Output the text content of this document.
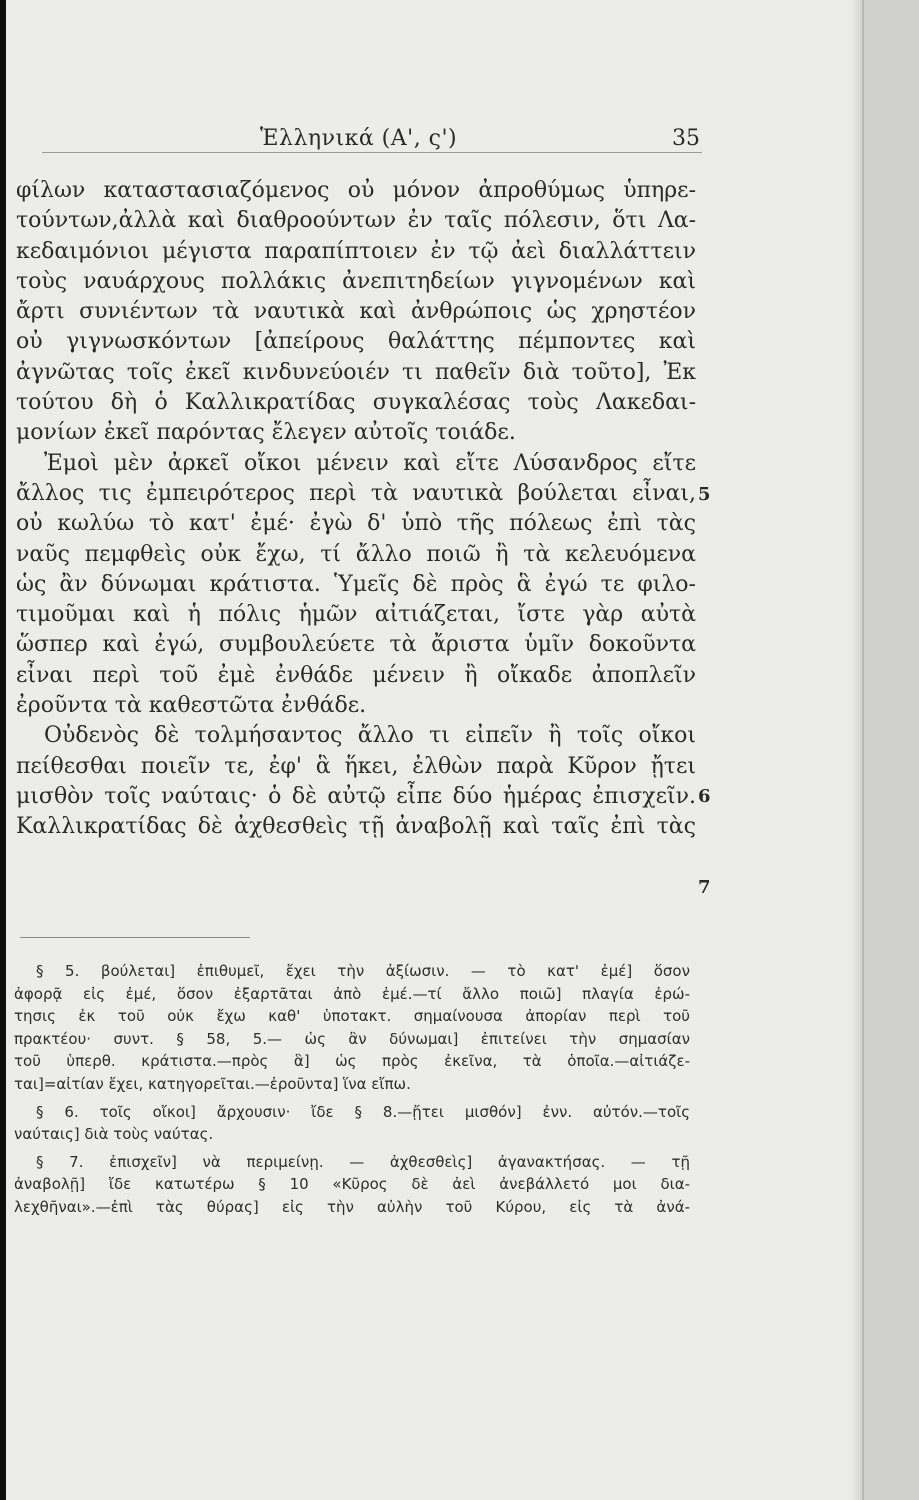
Ἑλληνικά (Α', ς')	35
φίλων καταστασιαζόμενος οὐ μόνον ἀπροθύμως ὑπηρε-
τούντων,ἀλλὰ καὶ διαθροούντων ἐν ταῖς πόλεσιν, ὅτι Λα-
κεδαιμόνιοι μέγιστα παραπίπτοιεν ἐν τῷ ἀεὶ διαλλάττειν
τοὺς ναυάρχους πολλάκις ἀνεπιτηδείων γιγνομένων καὶ
ἄρτι συνιέντων τὰ ναυτικὰ καὶ ἀνθρώποις ὡς χρηστέον
οὐ γιγνωσκόντων [ἀπείρους θαλάττης πέμποντες καὶ
ἀγνῶτας τοῖς ἐκεῖ κινδυνεύοιέν τι παθεῖν διὰ τοῦτο], Ἐκ
τούτου δὴ ὁ Καλλικρατίδας συγκαλέσας τοὺς Λακεδαι-
μονίων ἐκεῖ παρόντας ἔλεγεν αὐτοῖς τοιάδε.
Ἐμοὶ μὲν ἀρκεῖ οἴκοι μένειν καὶ εἴτε Λύσανδρος εἴτε
ἄλλος τις ἐμπειρότερος περὶ τὰ ναυτικὰ βούλεται εἶναι,
οὐ κωλύω τὸ κατ' ἐμέ· ἐγὼ δ' ὑπὸ τῆς πόλεως ἐπὶ τὰς
ναῦς πεμφθεὶς οὐκ ἔχω, τί ἄλλο ποιῶ ἢ τὰ κελευόμενα
ὡς ἂν δύνωμαι κράτιστα. Ὑμεῖς δὲ πρὸς ἃ ἐγώ τε φιλο-
τιμοῦμαι καὶ ἡ πόλις ἡμῶν αἰτιάζεται, ἴστε γὰρ αὐτὰ
ὥσπερ καὶ ἐγώ, συμβουλεύετε τὰ ἄριστα ὑμῖν δοκοῦντα
εἶναι περὶ τοῦ ἐμὲ ἐνθάδε μένειν ἢ οἴκαδε ἀποπλεῖν
ἐροῦντα τὰ καθεστῶτα ἐνθάδε.
Οὐδενὸς δὲ τολμήσαντος ἄλλο τι εἰπεῖν ἢ τοῖς οἴκοι
πείθεσθαι ποιεῖν τε, ἐφ' ἃ ἥκει, ἐλθὼν παρὰ Κῦρον ᾔτει
μισθὸν τοῖς ναύταις· ὁ δὲ αὐτῷ εἶπε δύο ἡμέρας ἐπισχεῖν.
Καλλικρατίδας δὲ ἀχθεσθεὶς τῇ ἀναβολῇ καὶ ταῖς ἐπὶ τὰς
5
6
7
§ 5. βούλεται] ἐπιθυμεῖ, ἔχει τὴν ἀξίωσιν. — τὸ κατ' ἐμέ] ὅσον
ἀφορᾷ εἰς ἐμέ, ὅσον ἐξαρτᾶται ἀπὸ ἐμέ.—τί ἄλλο ποιῶ] πλαγία ἐρώ-
τησις ἐκ τοῦ οὐκ ἔχω καθ' ὑποτακτ. σημαίνουσα ἀπορίαν περὶ τοῦ
πρακτέου· συντ. § 58, 5.— ὡς ἂν δύνωμαι] ἐπιτείνει τὴν σημασίαν
τοῦ ὑπερθ. κράτιστα.—πρὸς ἃ] ὡς πρὸς ἐκεῖνα, τὰ ὁποῖα.—αἰτιάζε-
ται]=αἰτίαν ἔχει, κατηγορεῖται.—ἐροῦντα] ἵνα εἴπω.
§ 6. τοῖς οἴκοι] ἄρχουσιν· ἴδε § 8.—ᾔτει μισθόν] ἐνν. αὐτόν.—τοῖς
ναύταις] διὰ τοὺς ναύτας.
§ 7. ἐπισχεῖν] νὰ περιμείνῃ. — ἀχθεσθεὶς] ἀγανακτήσας. — τῇ
ἀναβολῇ] ἴδε κατωτέρω § 10 «Κῦρος δὲ ἀεὶ ἀνεβάλλετό μοι δια-
λεχθῆναι».—ἐπὶ τὰς θύρας] εἰς τὴν αὐλὴν τοῦ Κύρου, εἰς τὰ ἀνά-
